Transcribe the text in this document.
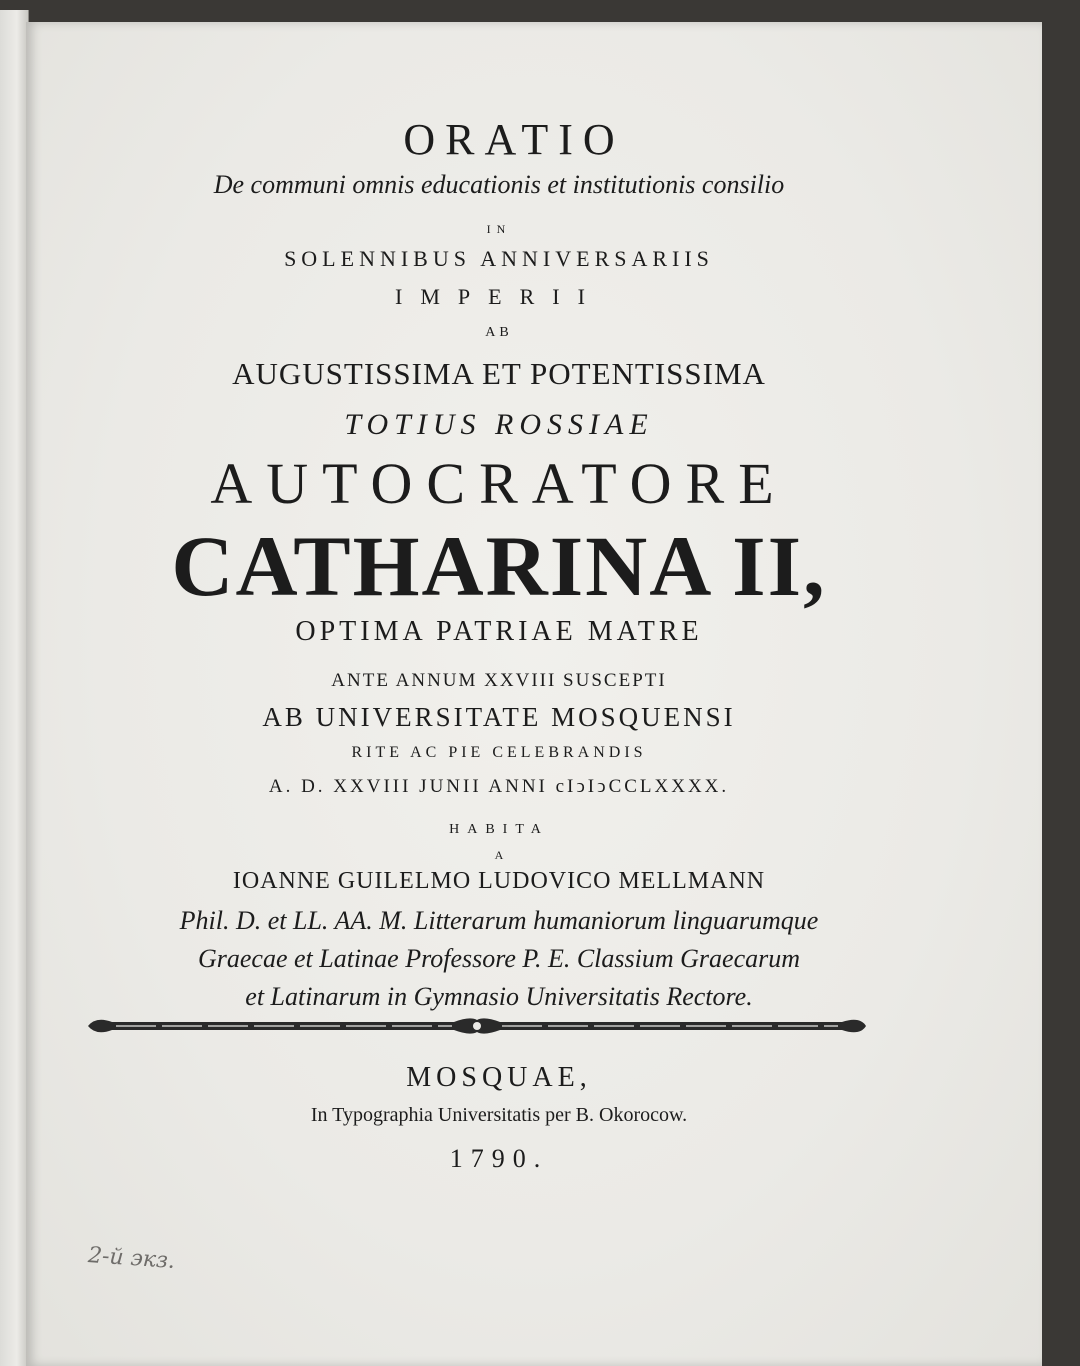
ORATIO
De communi omnis educationis et institutionis consilio
IN
SOLENNIBUS ANNIVERSARIIS
IMPERII
AB
AUGUSTISSIMA ET POTENTISSIMA
TOTIUS ROSSIAE
AUTOCRATORE
CATHARINA II,
OPTIMA PATRIAE MATRE
ANTE ANNUM XXVIII SUSCEPTI
AB UNIVERSITATE MOSQUENSI
RITE AC PIE CELEBRANDIS
A. D. XXVIII JUNII ANNI cIↄIↄCCLXXXX.
HABITA
A
IOANNE GUILELMO LUDOVICO MELLMANN
Phil. D. et LL. AA. M. Litterarum humaniorum linguarumque
Graecae et Latinae Professore P. E. Classium Graecarum
et Latinarum in Gymnasio Universitatis Rectore.
MOSQUAE,
In Typographia Universitatis per B. Okorocow.
1790.
2-й экз.
